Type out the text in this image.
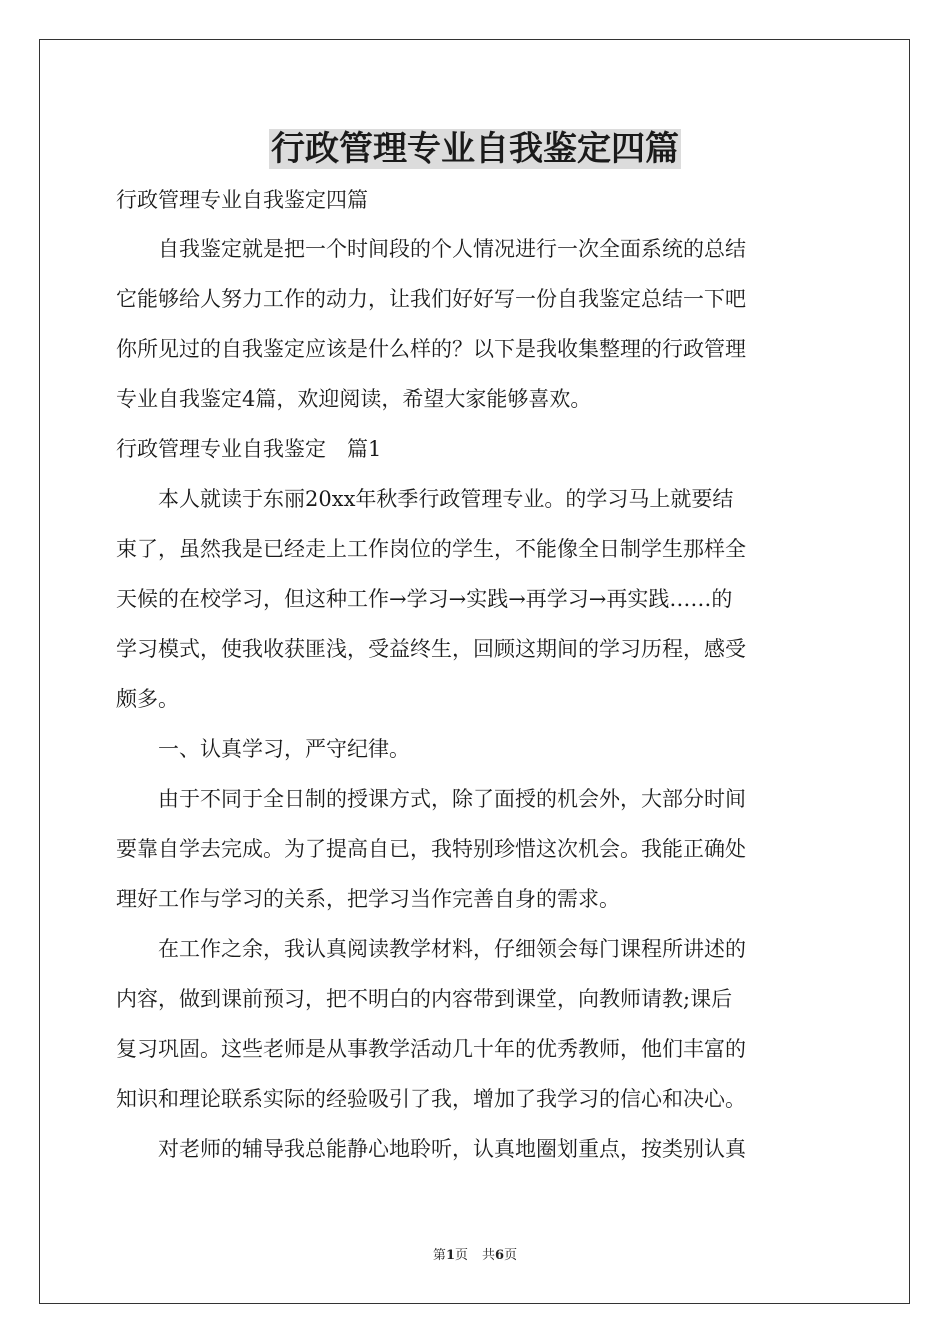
行政管理专业自我鉴定四篇

行政管理专业自我鉴定四篇

　　自我鉴定就是把一个时间段的个人情况进行一次全面系统的总结

它能够给人努力工作的动力，让我们好好写一份自我鉴定总结一下吧

你所见过的自我鉴定应该是什么样的？以下是我收集整理的行政管理

专业自我鉴定4篇，欢迎阅读，希望大家能够喜欢。

行政管理专业自我鉴定　篇1

　　本人就读于东丽20xx年秋季行政管理专业。的学习马上就要结

束了，虽然我是已经走上工作岗位的学生，不能像全日制学生那样全

天候的在校学习，但这种工作→学习→实践→再学习→再实践……的

学习模式，使我收获匪浅，受益终生，回顾这期间的学习历程，感受

颇多。

　　一、认真学习，严守纪律。

　　由于不同于全日制的授课方式，除了面授的机会外，大部分时间

要靠自学去完成。为了提高自已，我特别珍惜这次机会。我能正确处

理好工作与学习的关系，把学习当作完善自身的需求。

　　在工作之余，我认真阅读教学材料，仔细领会每门课程所讲述的

内容，做到课前预习，把不明白的内容带到课堂，向教师请教;课后

复习巩固。这些老师是从事教学活动几十年的优秀教师，他们丰富的

知识和理论联系实际的经验吸引了我，增加了我学习的信心和决心。

　　对老师的辅导我总能静心地聆听，认真地圈划重点，按类别认真

第1页 共6页
